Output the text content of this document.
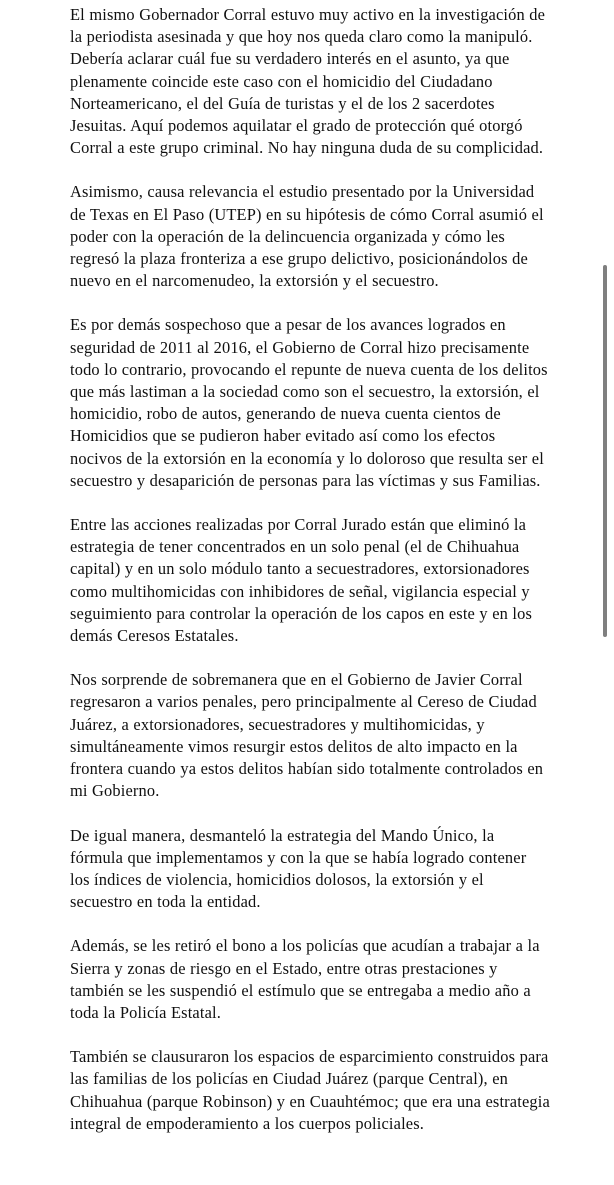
El mismo Gobernador Corral estuvo muy activo en la investigación de la periodista asesinada y que hoy nos queda claro como la manipuló. Debería aclarar cuál fue su verdadero interés en el asunto, ya que plenamente coincide este caso con el homicidio del Ciudadano Norteamericano, el del Guía de turistas y el de los 2 sacerdotes Jesuitas. Aquí podemos aquilatar el grado de protección qué otorgó Corral a este grupo criminal. No hay ninguna duda de su complicidad.

Asimismo, causa relevancia el estudio presentado por la Universidad de Texas en El Paso (UTEP) en su hipótesis de cómo Corral asumió el poder con la operación de la delincuencia organizada y cómo les regresó la plaza fronteriza a ese grupo delictivo, posicionándolos de nuevo en el narcomenudeo, la extorsión y el secuestro.

Es por demás sospechoso que a pesar de los avances logrados en seguridad de 2011 al 2016, el Gobierno de Corral hizo precisamente todo lo contrario, provocando el repunte de nueva cuenta de los delitos que más lastiman a la sociedad como son el secuestro, la extorsión, el homicidio, robo de autos, generando de nueva cuenta cientos de Homicidios que se pudieron haber evitado así como los efectos nocivos de la extorsión en la economía y lo doloroso que resulta ser el secuestro y desaparición de personas para las víctimas y sus Familias.

Entre las acciones realizadas por Corral Jurado están que eliminó la estrategia de tener concentrados en un solo penal (el de Chihuahua capital) y en un solo módulo tanto a secuestradores, extorsionadores como multihomicidas con inhibidores de señal, vigilancia especial y seguimiento para controlar la operación de los capos en este y en los demás Ceresos Estatales.

Nos sorprende de sobremanera que en el Gobierno de Javier Corral regresaron a varios penales, pero principalmente al Cereso de Ciudad Juárez, a extorsionadores, secuestradores y multihomicidas, y simultáneamente vimos resurgir estos delitos de alto impacto en la frontera cuando ya estos delitos habían sido totalmente controlados en mi Gobierno.

De igual manera, desmanteló la estrategia del Mando Único, la fórmula que implementamos y con la que se había logrado contener los índices de violencia, homicidios dolosos, la extorsión y el secuestro en toda la entidad.

Además, se les retiró el bono a los policías que acudían a trabajar a la Sierra y zonas de riesgo en el Estado, entre otras prestaciones y también se les suspendió el estímulo que se entregaba a medio año a toda la Policía Estatal.

También se clausuraron los espacios de esparcimiento construidos para las familias de los policías en Ciudad Juárez (parque Central), en Chihuahua (parque Robinson) y en Cuauhtémoc; que era una estrategia integral de empoderamiento a los cuerpos policiales.
